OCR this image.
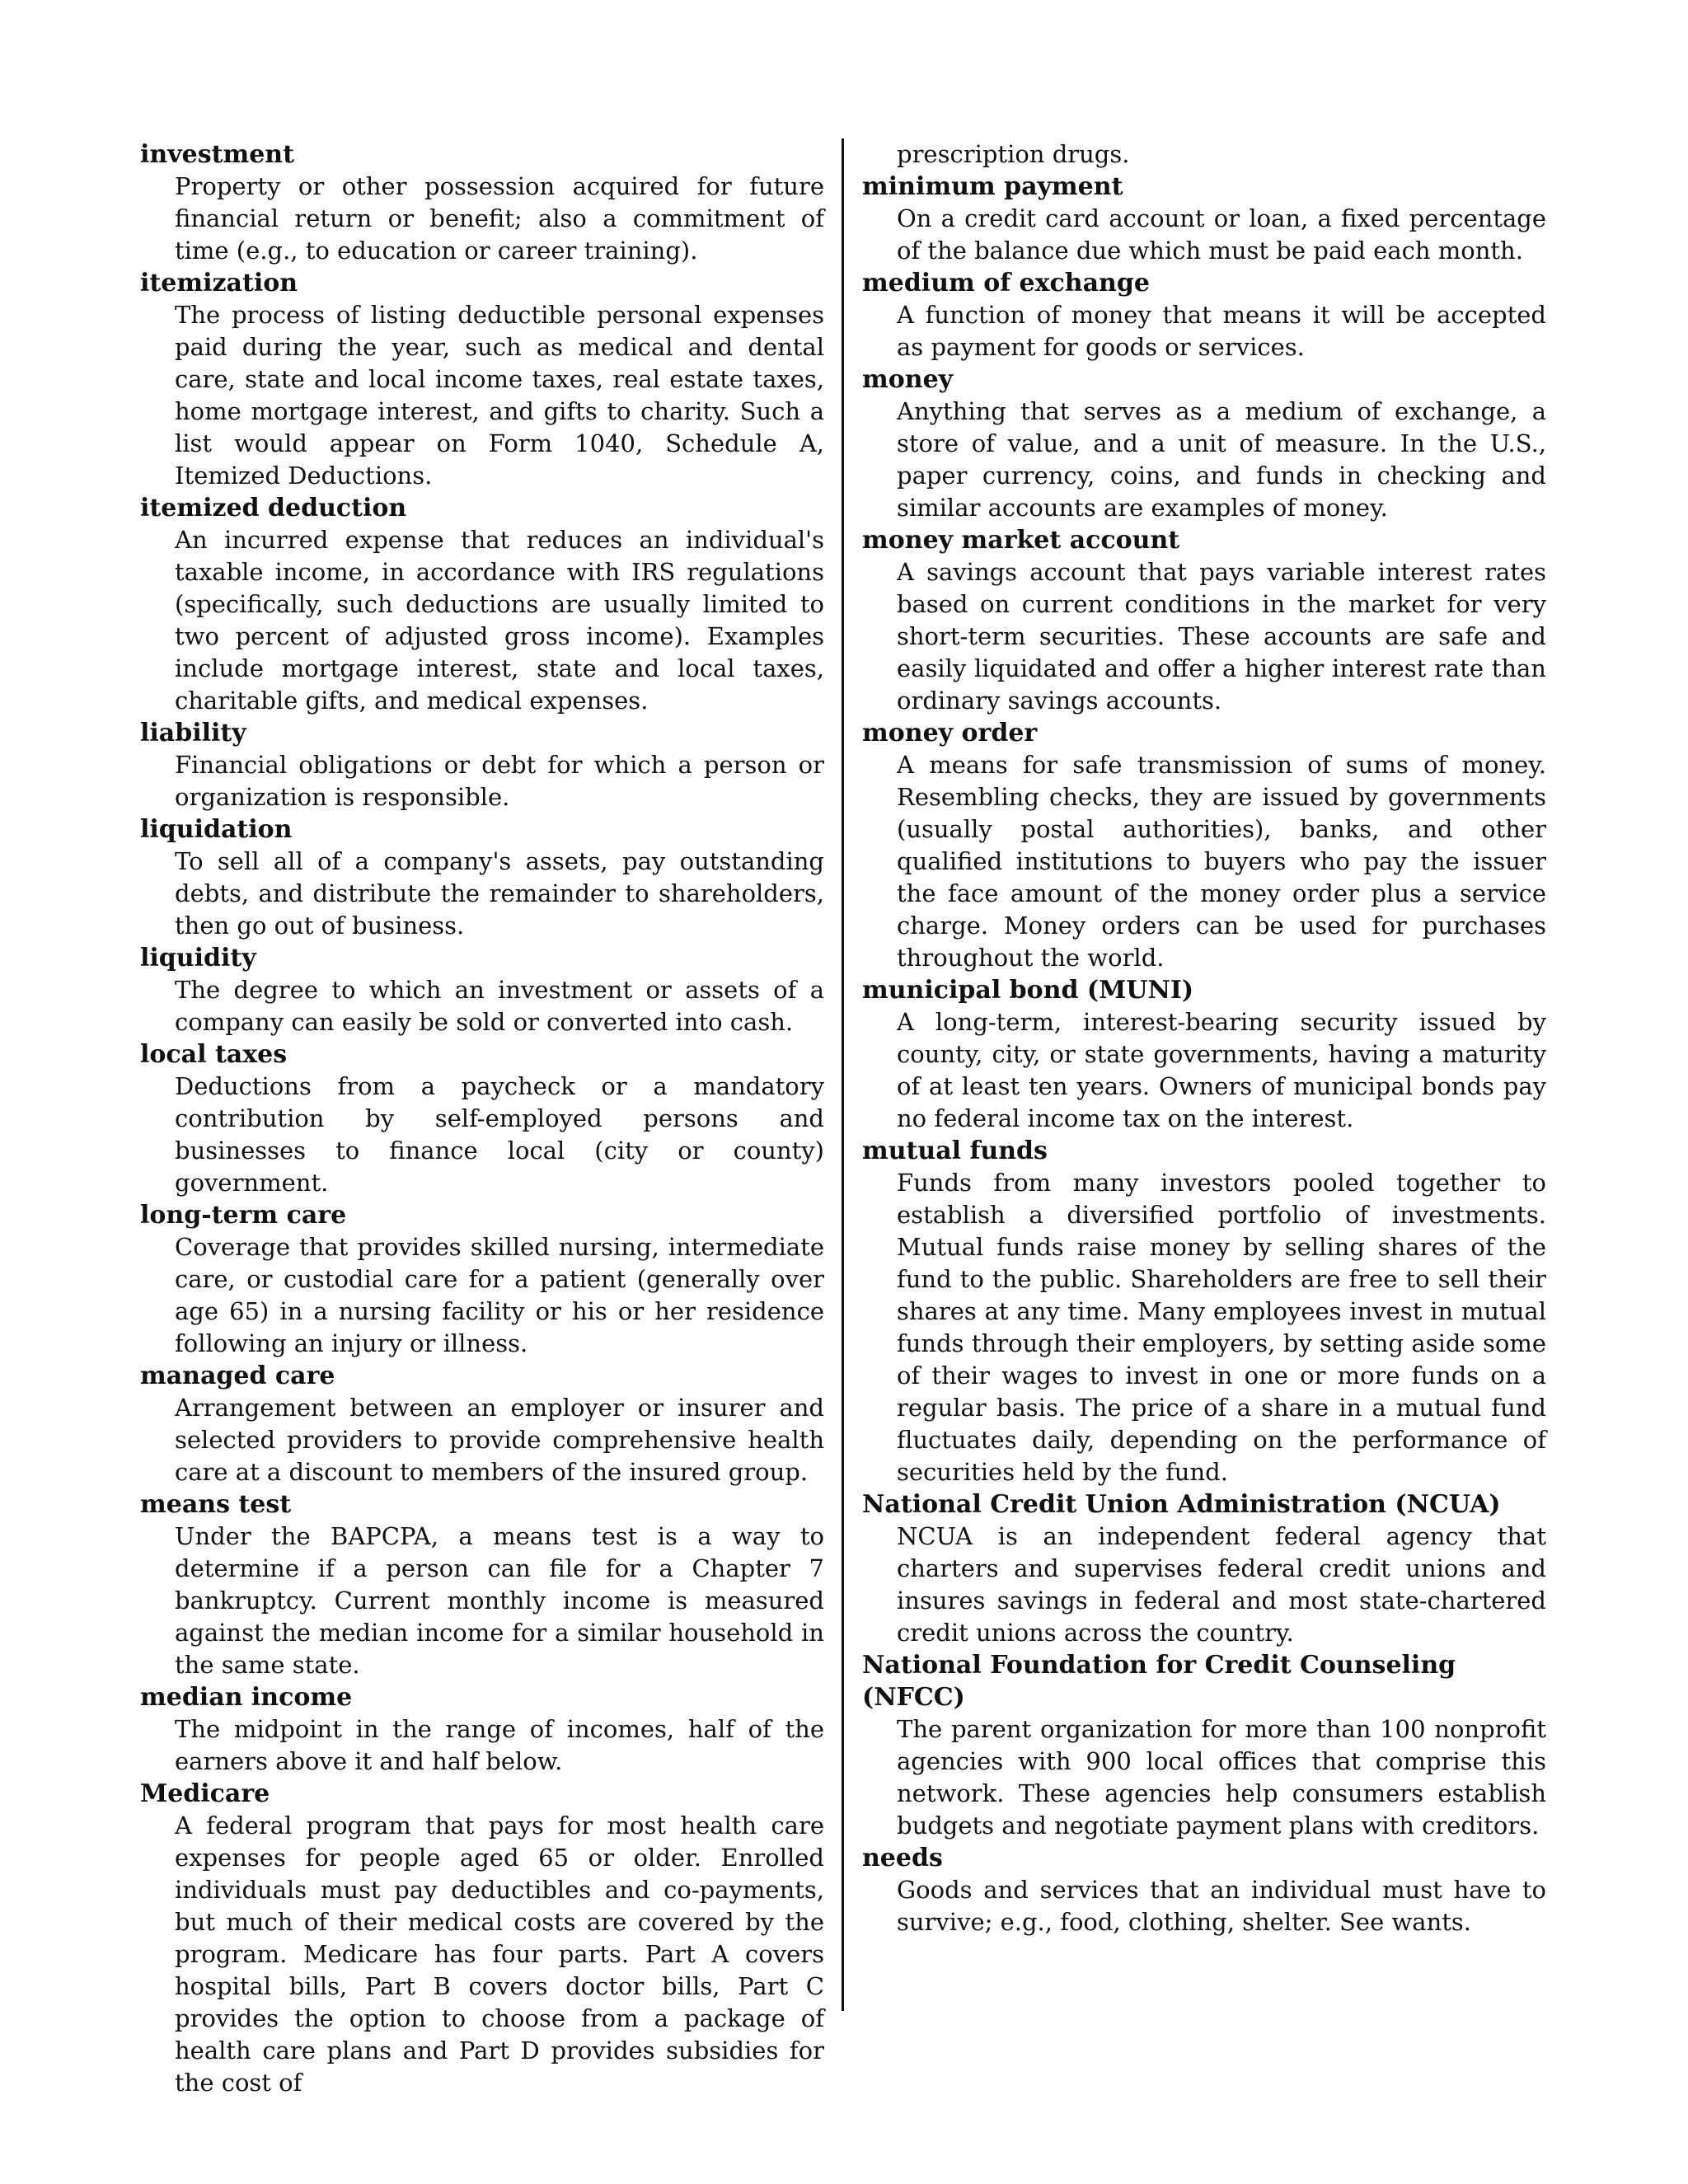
investment

Property or other possession acquired for future financial return or benefit; also a commitment of time (e.g., to education or career training).

itemization

The process of listing deductible personal expenses paid during the year, such as medical and dental care, state and local income taxes, real estate taxes, home mortgage interest, and gifts to charity. Such a list would appear on Form 1040, Schedule A, Itemized Deductions.

itemized deduction

An incurred expense that reduces an individual's taxable income, in accordance with IRS regulations (specifically, such deductions are usually limited to two percent of adjusted gross income). Examples include mortgage interest, state and local taxes, charitable gifts, and medical expenses.

liability

Financial obligations or debt for which a person or organization is responsible.

liquidation

To sell all of a company's assets, pay outstanding debts, and distribute the remainder to shareholders, then go out of business.

liquidity

The degree to which an investment or assets of a company can easily be sold or converted into cash.

local taxes

Deductions from a paycheck or a mandatory contribution by self-employed persons and businesses to finance local (city or county) government.

long-term care

Coverage that provides skilled nursing, intermediate care, or custodial care for a patient (generally over age 65) in a nursing facility or his or her residence following an injury or illness.

managed care

Arrangement between an employer or insurer and selected providers to provide comprehensive health care at a discount to members of the insured group.

means test

Under the BAPCPA, a means test is a way to determine if a person can file for a Chapter 7 bankruptcy. Current monthly income is measured against the median income for a similar household in the same state.

median income

The midpoint in the range of incomes, half of the earners above it and half below.

Medicare

A federal program that pays for most health care expenses for people aged 65 or older. Enrolled individuals must pay deductibles and co-payments, but much of their medical costs are covered by the program. Medicare has four parts. Part A covers hospital bills, Part B covers doctor bills, Part C provides the option to choose from a package of health care plans and Part D provides subsidies for the cost of

prescription drugs.

minimum payment

On a credit card account or loan, a fixed percentage of the balance due which must be paid each month.

medium of exchange

A function of money that means it will be accepted as payment for goods or services.

money

Anything that serves as a medium of exchange, a store of value, and a unit of measure. In the U.S., paper currency, coins, and funds in checking and similar accounts are examples of money.

money market account

A savings account that pays variable interest rates based on current conditions in the market for very short-term securities. These accounts are safe and easily liquidated and offer a higher interest rate than ordinary savings accounts.

money order

A means for safe transmission of sums of money. Resembling checks, they are issued by governments (usually postal authorities), banks, and other qualified institutions to buyers who pay the issuer the face amount of the money order plus a service charge. Money orders can be used for purchases throughout the world.

municipal bond (MUNI)

A long-term, interest-bearing security issued by county, city, or state governments, having a maturity of at least ten years. Owners of municipal bonds pay no federal income tax on the interest.

mutual funds

Funds from many investors pooled together to establish a diversified portfolio of investments. Mutual funds raise money by selling shares of the fund to the public. Shareholders are free to sell their shares at any time. Many employees invest in mutual funds through their employers, by setting aside some of their wages to invest in one or more funds on a regular basis. The price of a share in a mutual fund fluctuates daily, depending on the performance of securities held by the fund.

National Credit Union Administration (NCUA)

NCUA is an independent federal agency that charters and supervises federal credit unions and insures savings in federal and most state-chartered credit unions across the country.

National Foundation for Credit Counseling (NFCC)

The parent organization for more than 100 nonprofit agencies with 900 local offices that comprise this network. These agencies help consumers establish budgets and negotiate payment plans with creditors.

needs

Goods and services that an individual must have to survive; e.g., food, clothing, shelter. See wants.
